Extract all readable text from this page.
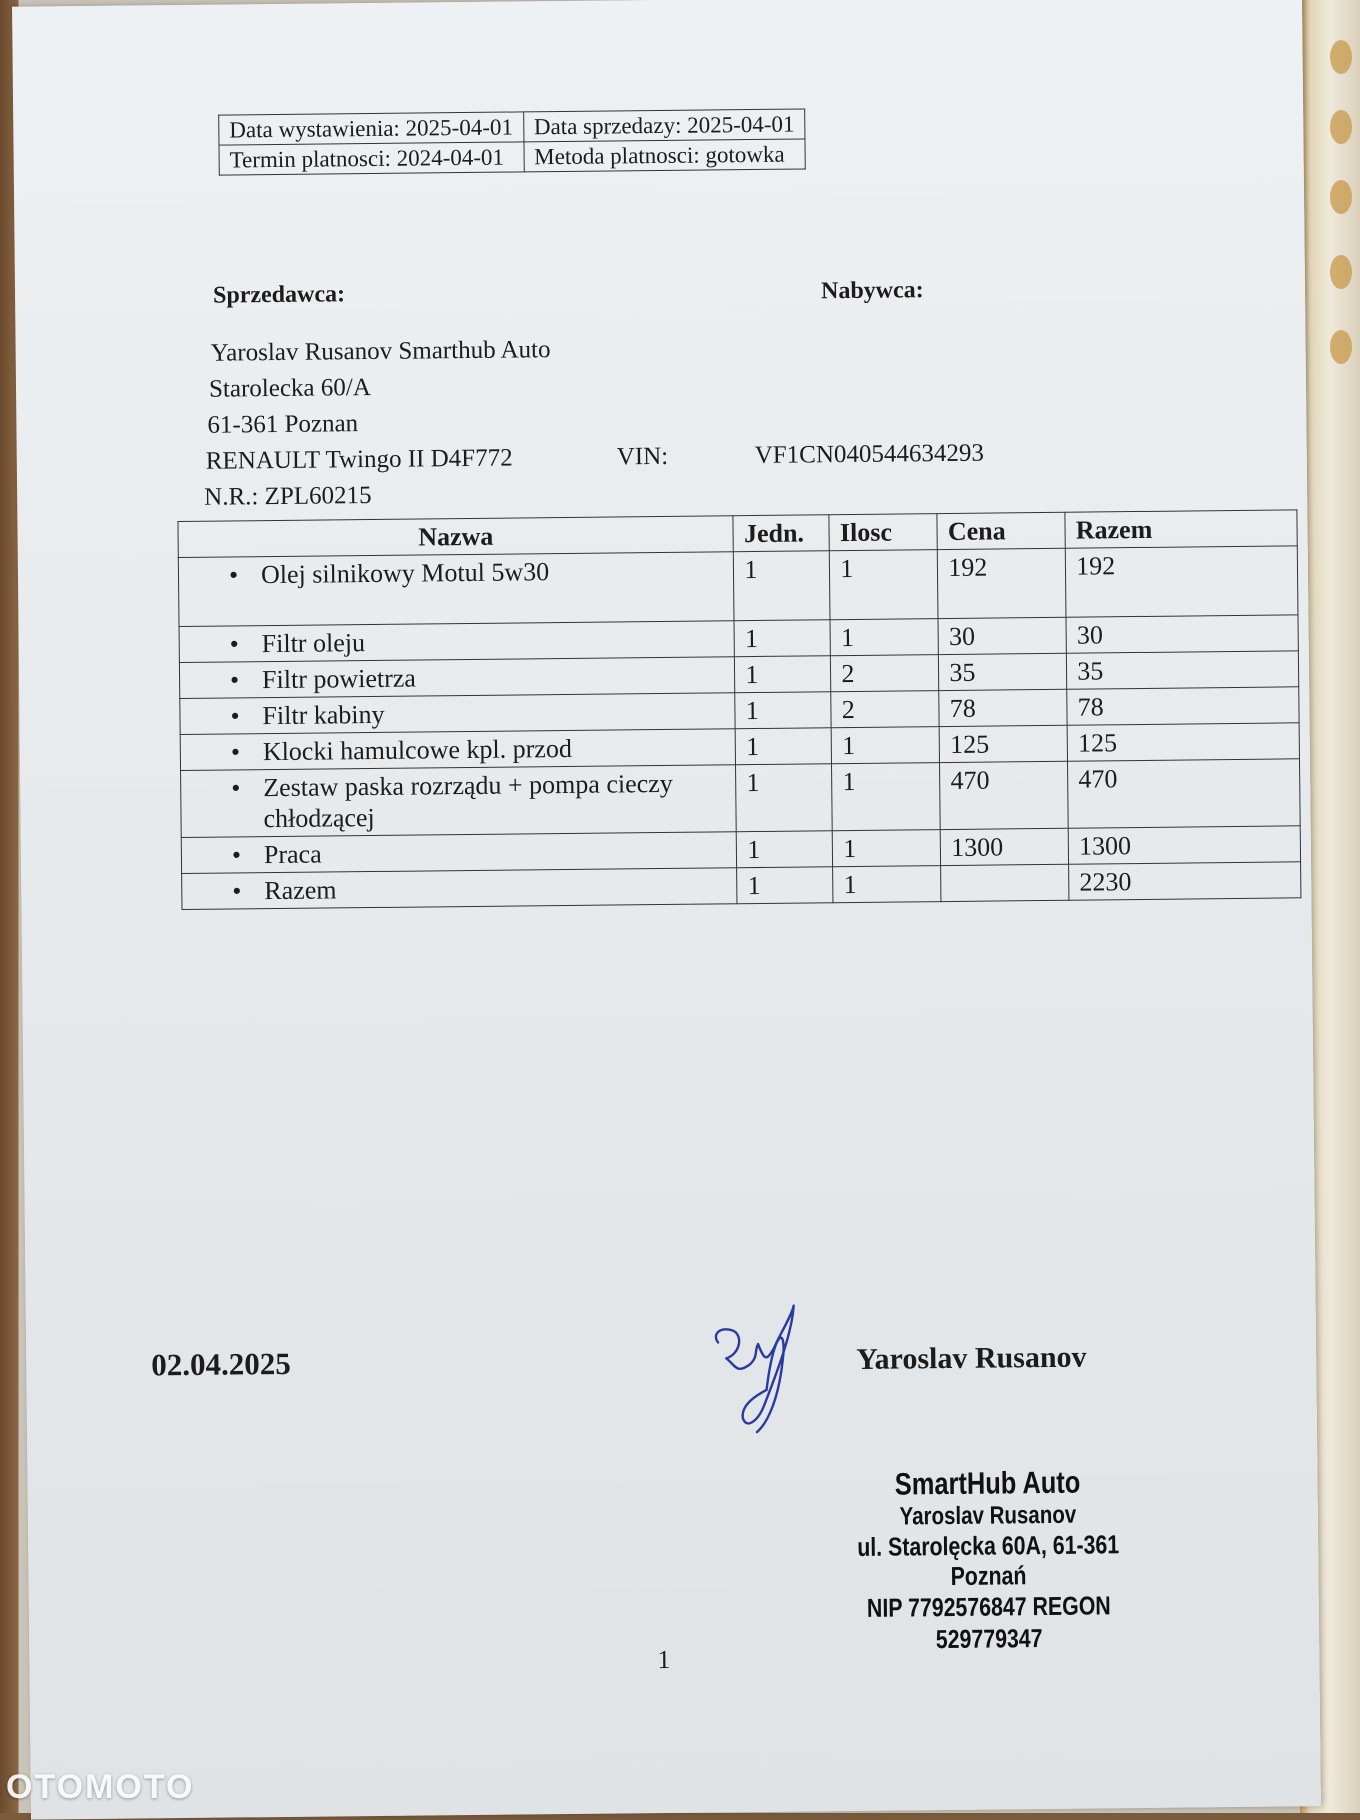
Data wystawienia: 2025-04-01	Data sprzedazy: 2025-04-01
Termin platnosci: 2024-04-01	Metoda platnosci: gotowka
Sprzedawca:	Nabywca:
Yaroslav Rusanov Smarthub Auto
Starolecka 60/A
61-361 Poznan
RENAULT Twingo II D4F772	VIN:	VF1CN040544634293
N.R.: ZPL60215
Nazwa	Jedn.	Ilosc	Cena	Razem

• Olej silnikowy Motul 5w30	1	1	192	192

• Filtr oleju	1	1	30	30

• Filtr powietrza	1	2	35	35

• Filtr kabiny	1	2	78	78

• Klocki hamulcowe kpl. przod	1	1	125	125

• Zestaw paska rozrządu + pompa cieczy chłodzącej	1	1	470	470

• Praca	1	1	1300	1300

• Razem	1	1		2230
02.04.2025	Yaroslav Rusanov
SmartHub Auto
Yaroslav Rusanov
ul. Starolęcka 60A, 61-361 Poznań
NIP 7792576847 REGON 529779347
1
OTOMOTO
